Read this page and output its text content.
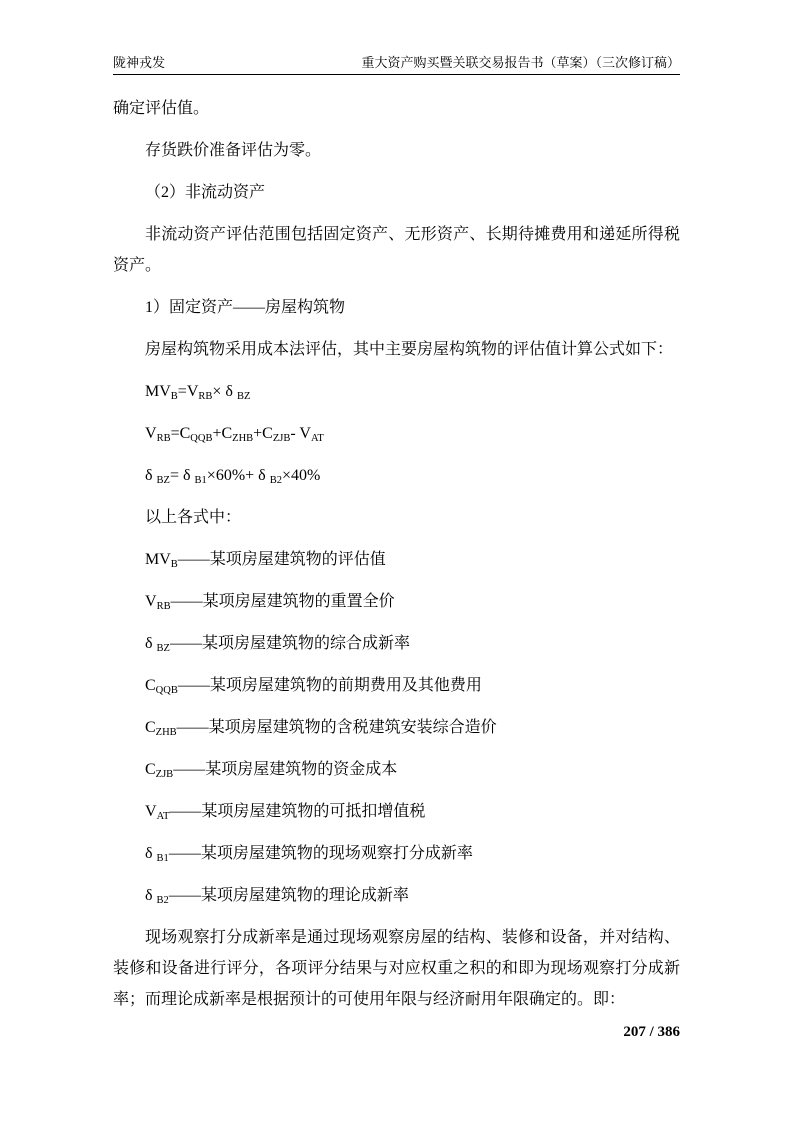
陇神戎发	重大资产购买暨关联交易报告书（草案）（三次修订稿）

确定评估值。

存货跌价准备评估为零。

（2）非流动资产

非流动资产评估范围包括固定资产、无形资产、长期待摊费用和递延所得税资产。

1）固定资产——房屋构筑物

房屋构筑物采用成本法评估，其中主要房屋构筑物的评估值计算公式如下：

$MV_B=V_{RB}\times \delta$ $_{BZ}$

$V_{RB}=C_{QQB}+C_{ZHB}+C_{ZJB}-$ $V_{AT}$

δ $_{BZ}$= δ $_{B1}$×60%+ δ $_{B2}$×40%

以上各式中：

$MV_B——$某项房屋建筑物的评估值

$V_{RB}——$某项房屋建筑物的重置全价

δ $_{BZ}$——某项房屋建筑物的综合成新率

$C_{QQB}——$某项房屋建筑物的前期费用及其他费用

$C_{ZHB}——$某项房屋建筑物的含税建筑安装综合造价

$C_{ZJB}——$某项房屋建筑物的资金成本

$V_{AT}——$某项房屋建筑物的可抵扣增值税

δ $_{B1}$——某项房屋建筑物的现场观察打分成新率

δ $_{B2}$——某项房屋建筑物的理论成新率

现场观察打分成新率是通过现场观察房屋的结构、装修和设备，并对结构、装修和设备进行评分，各项评分结果与对应权重之积的和即为现场观察打分成新率；而理论成新率是根据预计的可使用年限与经济耐用年限确定的。即：

207 / 386
